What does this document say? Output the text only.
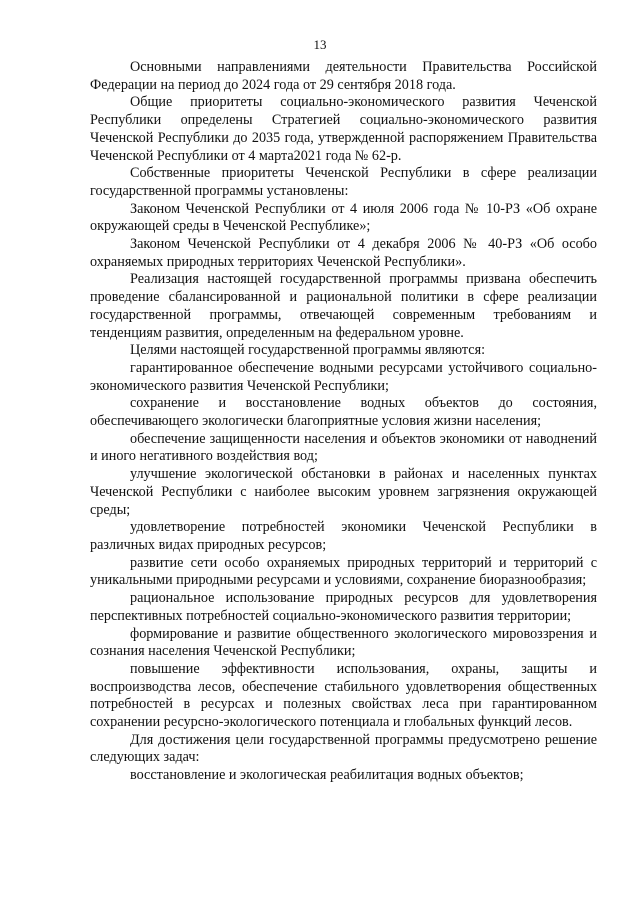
13

Основными направлениями деятельности Правительства Российской Федерации на период до 2024 года от 29 сентября 2018 года.

Общие приоритеты социально-экономического развития Чеченской Республики определены Стратегией социально-экономического развития Чеченской Республики до 2035 года, утвержденной распоряжением Правительства Чеченской Республики от 4 марта2021 года № 62-р.

Собственные приоритеты Чеченской Республики в сфере реализации государственной программы установлены:

Законом Чеченской Республики от 4 июля 2006 года № 10-РЗ «Об охране окружающей среды в Чеченской Республике»;

Законом Чеченской Республики от 4 декабря 2006 № 40-РЗ «Об особо охраняемых природных территориях Чеченской Республики».

Реализация настоящей государственной программы призвана обеспечить проведение сбалансированной и рациональной политики в сфере реализации государственной программы, отвечающей современным требованиям и тенденциям развития, определенным на федеральном уровне.

Целями настоящей государственной программы являются:

гарантированное обеспечение водными ресурсами устойчивого социально-экономического развития Чеченской Республики;

сохранение и восстановление водных объектов до состояния, обеспечивающего экологически благоприятные условия жизни населения;

обеспечение защищенности населения и объектов экономики от наводнений и иного негативного воздействия вод;

улучшение экологической обстановки в районах и населенных пунктах Чеченской Республики с наиболее высоким уровнем загрязнения окружающей среды;

удовлетворение потребностей экономики Чеченской Республики в различных видах природных ресурсов;

развитие сети особо охраняемых природных территорий и территорий с уникальными природными ресурсами и условиями, сохранение биоразнообразия;

рациональное использование природных ресурсов для удовлетворения перспективных потребностей социально-экономического развития территории;

формирование и развитие общественного экологического мировоззрения и сознания населения Чеченской Республики;

повышение эффективности использования, охраны, защиты и воспроизводства лесов, обеспечение стабильного удовлетворения общественных потребностей в ресурсах и полезных свойствах леса при гарантированном сохранении ресурсно-экологического потенциала и глобальных функций лесов.

Для достижения цели государственной программы предусмотрено решение следующих задач:

восстановление и экологическая реабилитация водных объектов;
